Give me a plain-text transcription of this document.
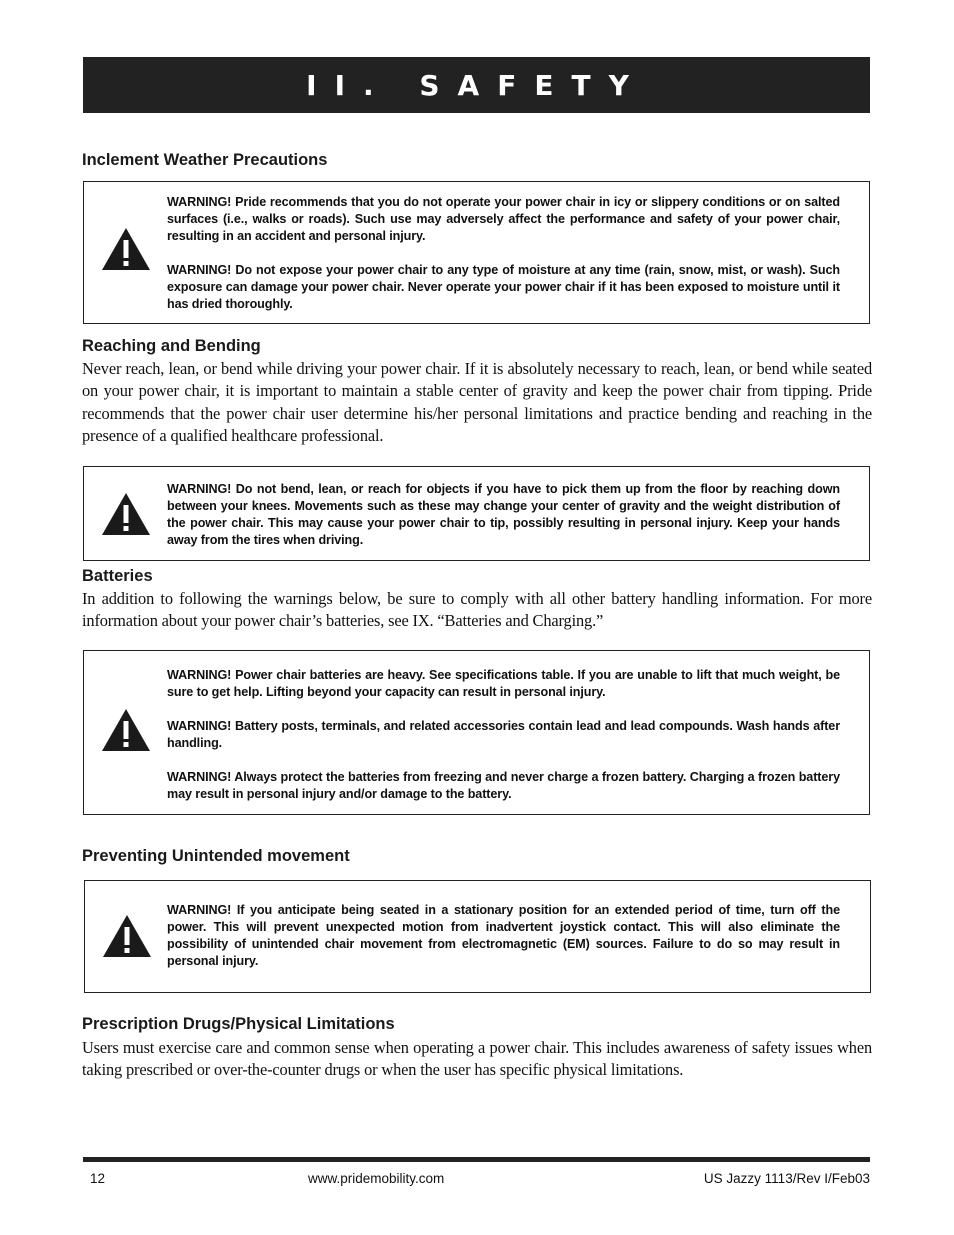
II. SAFETY
Inclement Weather Precautions

WARNING! Pride recommends that you do not operate your power chair in icy or slippery conditions or on salted surfaces (i.e., walks or roads). Such use may adversely affect the performance and safety of your power chair, resulting in an accident and personal injury.

WARNING! Do not expose your power chair to any type of moisture at any time (rain, snow, mist, or wash). Such exposure can damage your power chair. Never operate your power chair if it has been exposed to moisture until it has dried thoroughly.

Reaching and Bending
Never reach, lean, or bend while driving your power chair. If it is absolutely necessary to reach, lean, or bend while seated on your power chair, it is important to maintain a stable center of gravity and keep the power chair from tipping. Pride recommends that the power chair user determine his/her personal limitations and practice bending and reaching in the presence of a qualified healthcare professional.

WARNING! Do not bend, lean, or reach for objects if you have to pick them up from the floor by reaching down between your knees. Movements such as these may change your center of gravity and the weight distribution of the power chair. This may cause your power chair to tip, possibly resulting in personal injury. Keep your hands away from the tires when driving.

Batteries
In addition to following the warnings below, be sure to comply with all other battery handling information. For more information about your power chair’s batteries, see IX. “Batteries and Charging.”

WARNING! Power chair batteries are heavy. See specifications table. If you are unable to lift that much weight, be sure to get help. Lifting beyond your capacity can result in personal injury.

WARNING! Battery posts, terminals, and related accessories contain lead and lead compounds. Wash hands after handling.

WARNING! Always protect the batteries from freezing and never charge a frozen battery. Charging a frozen battery may result in personal injury and/or damage to the battery.

Preventing Unintended movement

WARNING! If you anticipate being seated in a stationary position for an extended period of time, turn off the power. This will prevent unexpected motion from inadvertent joystick contact. This will also eliminate the possibility of unintended chair movement from electromagnetic (EM) sources. Failure to do so may result in personal injury.

Prescription Drugs/Physical Limitations
Users must exercise care and common sense when operating a power chair. This includes awareness of safety issues when taking prescribed or over-the-counter drugs or when the user has specific physical limitations.
12	www.pridemobility.com	US Jazzy 1113/Rev I/Feb03
